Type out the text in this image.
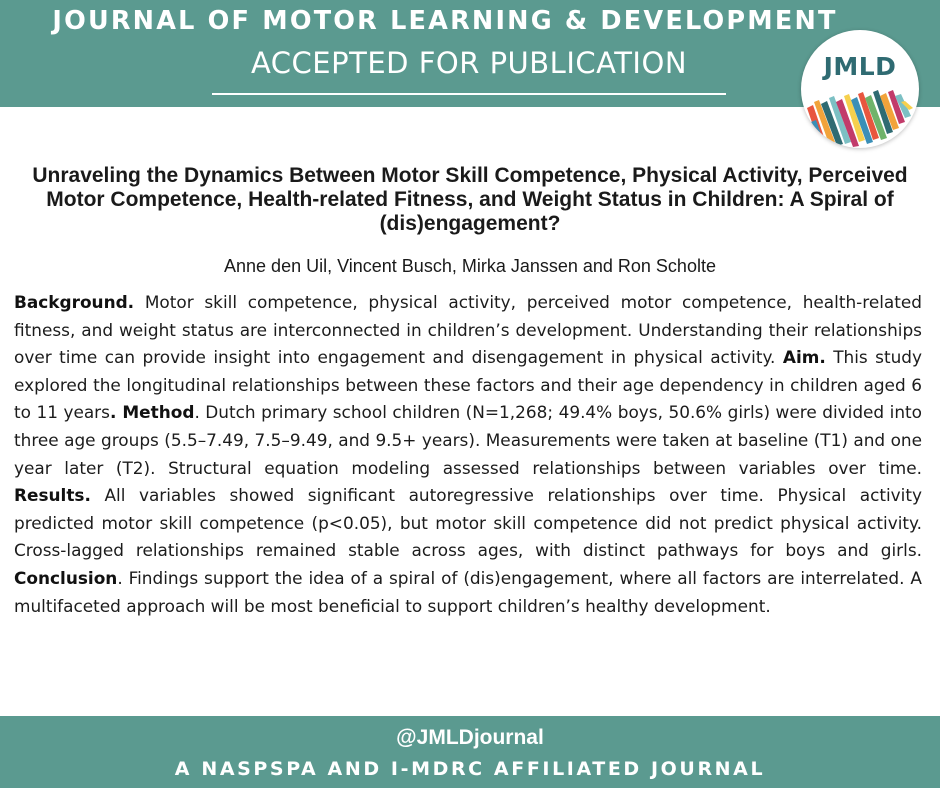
JOURNAL OF MOTOR LEARNING & DEVELOPMENT
ACCEPTED FOR PUBLICATION	JMLD
Unraveling the Dynamics Between Motor Skill Competence, Physical Activity, Perceived Motor Competence, Health-related Fitness, and Weight Status in Children: A Spiral of (dis)engagement?
Anne den Uil, Vincent Busch, Mirka Janssen and Ron Scholte
Background. Motor skill competence, physical activity, perceived motor competence, health-related fitness, and weight status are interconnected in children’s development. Understanding their relationships over time can provide insight into engagement and disengagement in physical activity. Aim. This study explored the longitudinal relationships between these factors and their age dependency in children aged 6 to 11 years. Method. Dutch primary school children (N=1,268; 49.4% boys, 50.6% girls) were divided into three age groups (5.5–7.49, 7.5–9.49, and 9.5+ years). Measurements were taken at baseline (T1) and one year later (T2). Structural equation modeling assessed relationships between variables over time. Results. All variables showed significant autoregressive relationships over time. Physical activity predicted motor skill competence (p<0.05), but motor skill competence did not predict physical activity. Cross-lagged relationships remained stable across ages, with distinct pathways for boys and girls. Conclusion. Findings support the idea of a spiral of (dis)engagement, where all factors are interrelated. A multifaceted approach will be most beneficial to support children’s healthy development.
@JMLDjournal
A NASPSPA AND I-MDRC AFFILIATED JOURNAL
